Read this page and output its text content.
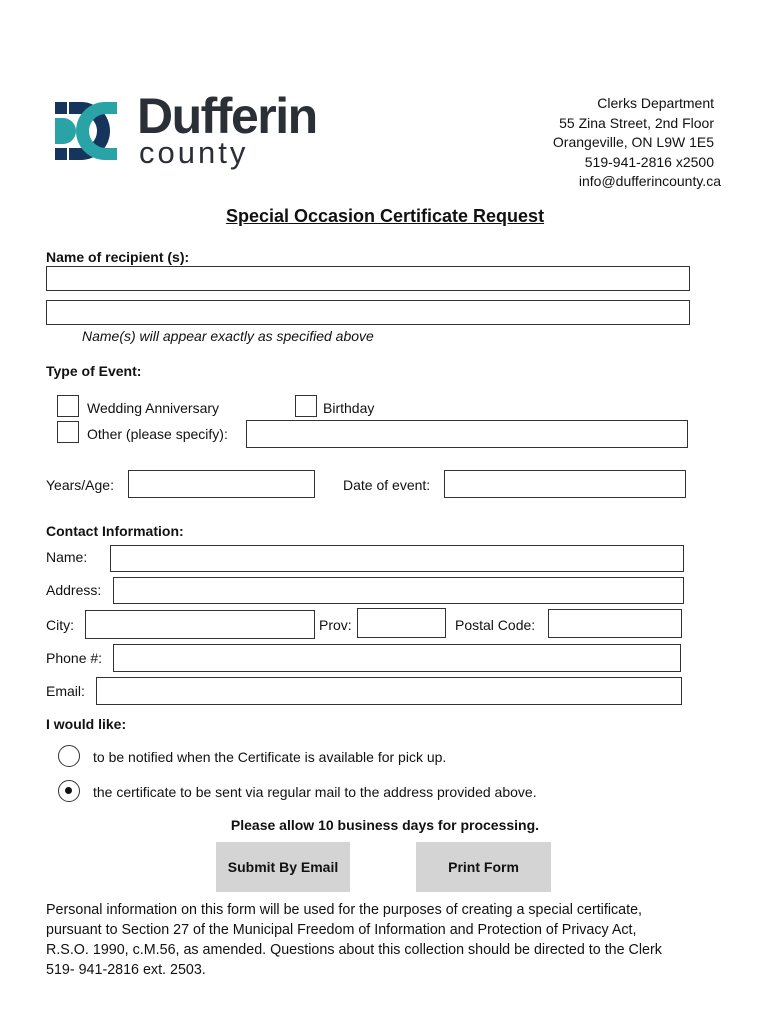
Dufferin
county
Clerks Department
55 Zina Street, 2nd Floor
Orangeville, ON L9W 1E5
519-941-2816 x2500
info@dufferincounty.ca
Special Occasion Certificate Request
Name of recipient (s):
Name(s) will appear exactly as specified above
Type of Event:
Wedding Anniversary	Birthday
Other (please specify):
Years/Age:	Date of event:
Contact Information:
Name:
Address:
City:	Prov:	Postal Code:
Phone #:
Email:
I would like:
to be notified when the Certificate is available for pick up.
the certificate to be sent via regular mail to the address provided above.
Please allow 10 business days for processing.
Submit By Email	Print Form
Personal information on this form will be used for the purposes of creating a special certificate,
pursuant to Section 27 of the Municipal Freedom of Information and Protection of Privacy Act,
R.S.O. 1990, c.M.56, as amended. Questions about this collection should be directed to the Clerk
519- 941-2816 ext. 2503.
